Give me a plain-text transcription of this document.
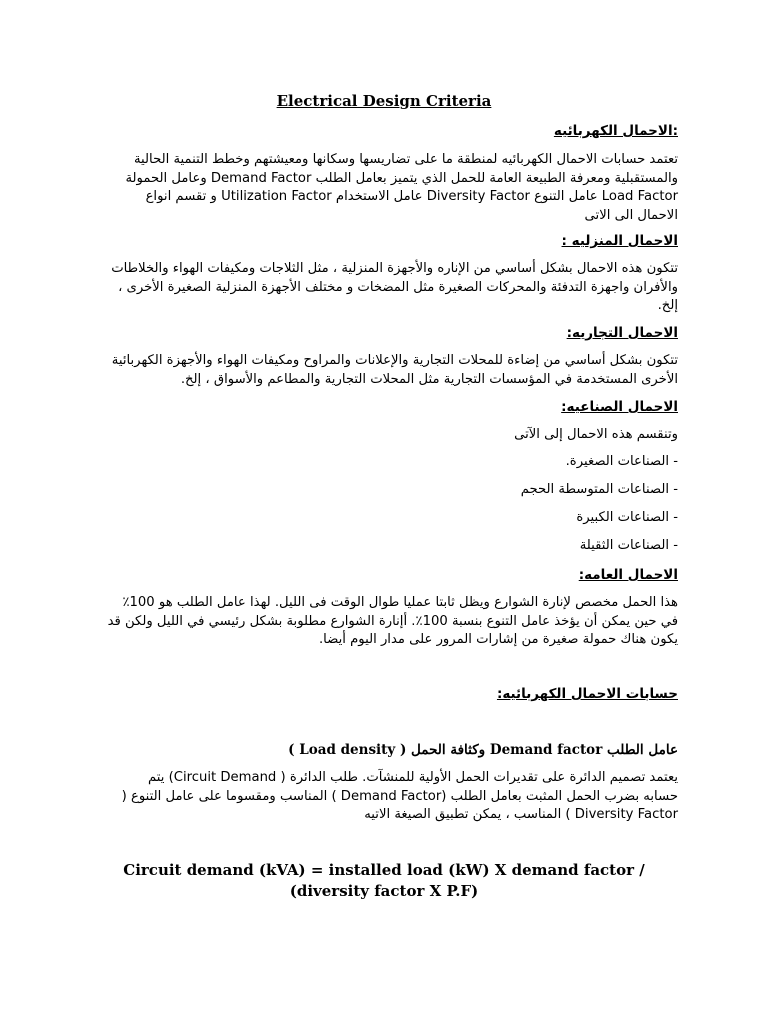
Electrical Design Criteria
:الاحمال الكهربائيه
تعتمد حسابات الاحمال الكهربائيه لمنطقة ما على تضاريسها وسكانها ومعيشتهم وخطط التنمية الحالية
والمستقبلية ومعرفة الطبيعة العامة للحمل الذي يتميز بعامل الطلب Demand Factor وعامل الحمولة
Load Factor عامل التنوع Diversity Factor عامل الاستخدام Utilization Factor و تقسم انواع
الاحمال الى الاتى
الاحمال المنزليه :
تتكون هذه الاحمال بشكل أساسي من الإناره والأجهزة المنزلية ، مثل الثلاجات ومكيفات الهواء والخلاطات
والأفران واجهزة التدفئة والمحركات الصغيرة مثل المضخات و مختلف الأجهزة المنزلية الصغيرة الأخرى ،
إلخ.
الاحمال التجاريه:
تتكون بشكل أساسي من إضاءة للمحلات التجارية والإعلانات والمراوح ومكيفات الهواء والأجهزة الكهربائية
الأخرى المستخدمة في المؤسسات التجارية مثل المحلات التجارية والمطاعم والأسواق ، إلخ.
الاحمال الصناعيه:
وتنقسم هذه الاحمال إلى الآتى
- الصناعات الصغيرة.
- الصناعات المتوسطة الحجم
- الصناعات الكبيرة
- الصناعات الثقيلة
الاحمال العامه:
هذا الحمل مخصص لإنارة الشوارع ويظل ثابتا عمليا طوال الوقت فى الليل. لهذا عامل الطلب هو 100٪
في حين يمكن أن يؤخذ عامل التنوع بنسبة 100٪. أإنارة الشوارع مطلوبة بشكل رئيسي في الليل ولكن قد
يكون هناك حمولة صغيرة من إشارات المرور على مدار اليوم أيضا.
حسابات الاحمال الكهربائيه:
عامل الطلب Demand factor وكثافة الحمل ( Load density )
يعتمد تصميم الدائرة على تقديرات الحمل الأولية للمنشآت. طلب الدائرة ( Circuit Demand) يتم
حسابه بضرب الحمل المثبت بعامل الطلب (Demand Factor ) المناسب ومقسوما على عامل التنوع (
Diversity Factor ) المناسب ، يمكن تطبيق الصيغة الاتيه
Circuit demand (kVA) = installed load (kW) X demand factor /
(diversity factor X P.F)
